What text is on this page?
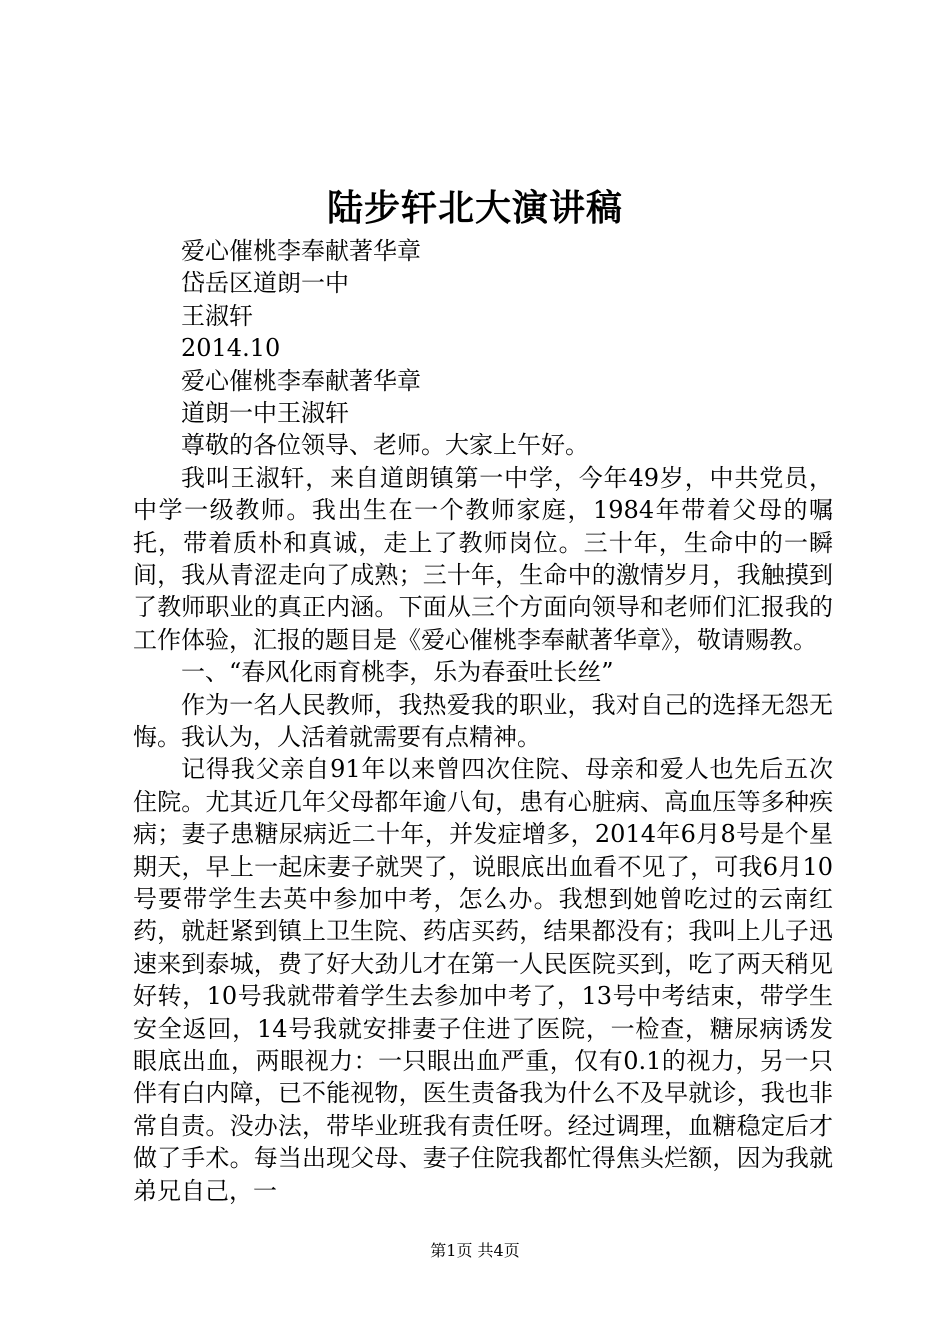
陆步轩北大演讲稿
爱心催桃李奉献著华章
岱岳区道朗一中
王淑轩
2014.10
爱心催桃李奉献著华章
道朗一中王淑轩
尊敬的各位领导、老师。大家上午好。

我叫王淑轩，来自道朗镇第一中学，今年49岁，中共党员，中学一级教师。我出生在一个教师家庭，1984年带着父母的嘱托，带着质朴和真诚，走上了教师岗位。三十年，生命中的一瞬间，我从青涩走向了成熟；三十年，生命中的激情岁月，我触摸到了教师职业的真正内涵。下面从三个方面向领导和老师们汇报我的工作体验，汇报的题目是《爱心催桃李奉献著华章》，敬请赐教。

一、“春风化雨育桃李，乐为春蚕吐长丝”

作为一名人民教师，我热爱我的职业，我对自己的选择无怨无悔。我认为，人活着就需要有点精神。

记得我父亲自91年以来曾四次住院、母亲和爱人也先后五次住院。尤其近几年父母都年逾八旬，患有心脏病、高血压等多种疾病；妻子患糖尿病近二十年，并发症增多，2014年6月8号是个星期天，早上一起床妻子就哭了，说眼底出血看不见了，可我6月10号要带学生去英中参加中考，怎么办。我想到她曾吃过的云南红药，就赶紧到镇上卫生院、药店买药，结果都没有；我叫上儿子迅速来到泰城，费了好大劲儿才在第一人民医院买到，吃了两天稍见好转，10号我就带着学生去参加中考了，13号中考结束，带学生安全返回，14号我就安排妻子住进了医院，一检查，糖尿病诱发眼底出血，两眼视力：一只眼出血严重，仅有0.1的视力，另一只伴有白内障，已不能视物，医生责备我为什么不及早就诊，我也非常自责。没办法，带毕业班我有责任呀。经过调理，血糖稳定后才做了手术。每当出现父母、妻子住院我都忙得焦头烂额，因为我就弟兄自己，一

第1页 共4页
